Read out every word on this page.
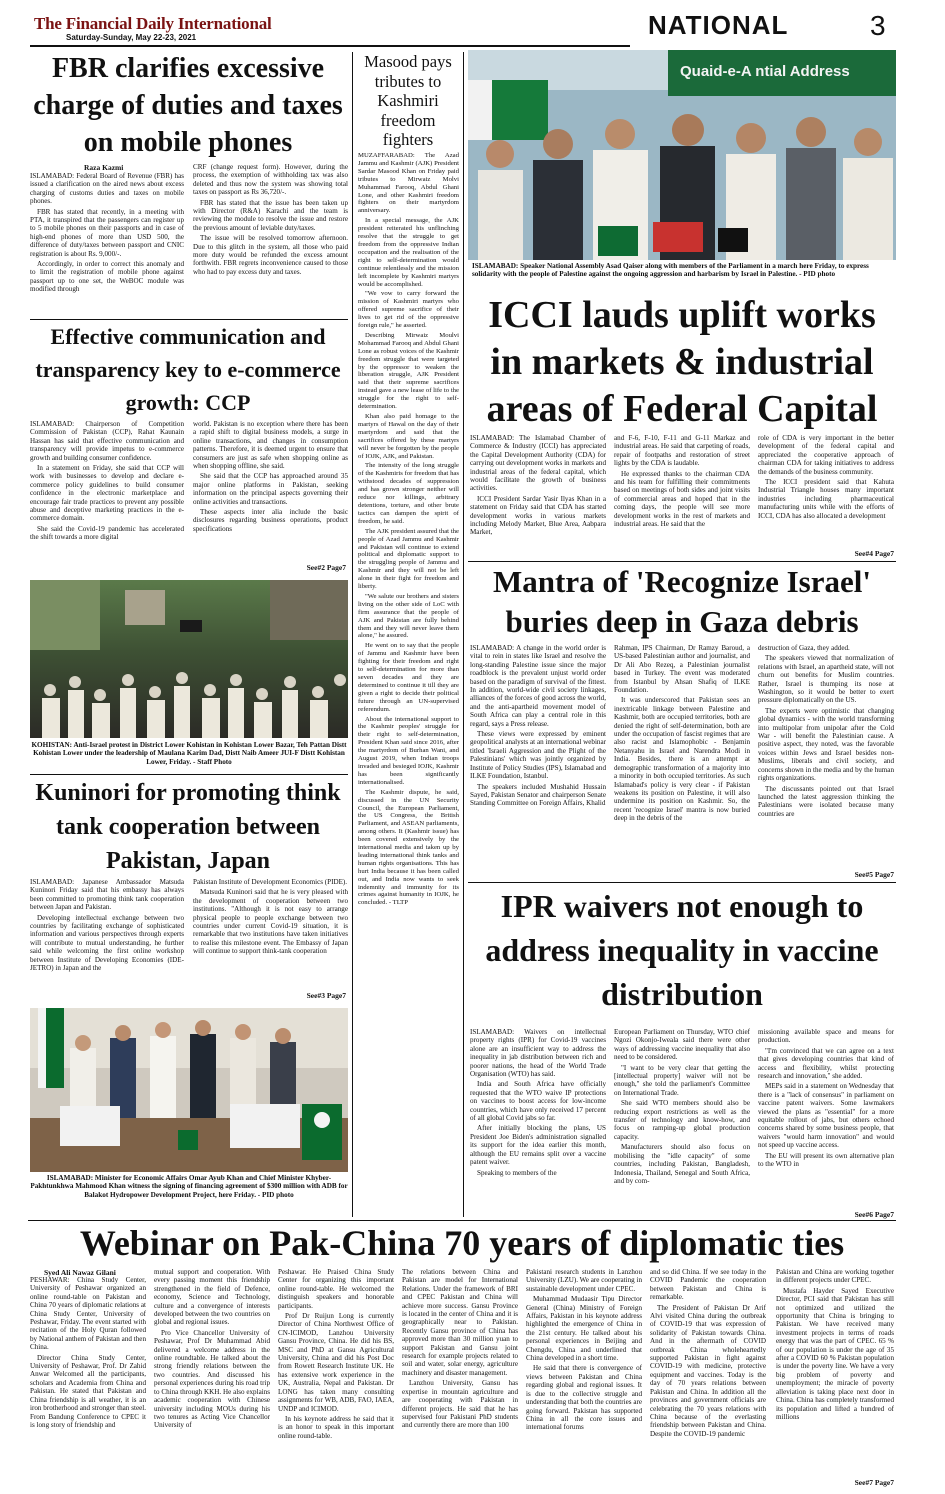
The Financial Daily International
Saturday-Sunday, May 22-23, 2021	NATIONAL	3
FBR clarifies excessive charge of duties and taxes on mobile phones
Raza Kazmi

ISLAMABAD: Federal Board of Revenue (FBR) has issued a clarification on the aired news about excess charging of customs duties and taxes on mobile phones.

FBR has stated that recently, in a meeting with PTA, it transpired that the passengers can register up to 5 mobile phones on their passports and in case of high-end phones of more than USD 500, the difference of duty/taxes between passport and CNIC registration is about Rs. 9,000/-.

Accordingly, in order to correct this anomaly and to limit the registration of mobile phone against passport up to one set, the WeBOC module was modified through

CRF (change request form). However, during the process, the exemption of withholding tax was also deleted and thus now the system was showing total taxes on passport as Rs 36,720/-.

FBR has stated that the issue has been taken up with Director (R&A) Karachi and the team is reviewing the module to resolve the issue and restore the previous amount of leviable duty/taxes.

The issue will be resolved tomorrow afternoon. Due to this glitch in the system, all those who paid more duty would be refunded the excess amount forthwith. FBR regrets inconvenience caused to those who had to pay excess duty and taxes.

Effective communication and transparency key to e-commerce growth: CCP

ISLAMABAD: Chairperson of Competition Commission of Pakistan (CCP), Rahat Kaunain Hassan has said that effective communication and transparency will provide impetus to e-commerce growth and building consumer confidence.

In a statement on Friday, she said that CCP will work with businesses to develop and declare e-commerce policy guidelines to build consumer confidence in the electronic marketplace and encourage fair trade practices to prevent any possible abuse and deceptive marketing practices in the e-commerce domain.

She said the Covid-19 pandemic has accelerated the shift towards a more digital

world. Pakistan is no exception where there has been a rapid shift to digital business models, a surge in online transactions, and changes in consumption patterns. Therefore, it is deemed urgent to ensure that consumers are just as safe when shopping online as when shopping offline, she said.

She said that the CCP has approached around 35 major online platforms in Pakistan, seeking information on the principal aspects governing their online activities and transactions.

These aspects inter alia include the basic disclosures regarding business operations, product specifications

See#2 Page7
KOHISTAN: Anti-Israel protest in District Lower Kohistan in Kohistan Lower Bazar, Teh Pattan Distt Kohistan Lower under the leadership of Maulana Karim Dad, Distt Naib Ameer JUI-F Distt Kohistan Lower, Friday. - Staff Photo
Kuninori for promoting think tank cooperation between Pakistan, Japan

ISLAMABAD: Japanese Ambassador Matsuda Kuninori Friday said that his embassy has always been committed to promoting think tank cooperation between Japan and Pakistan.

Developing intellectual exchange between two countries by facilitating exchange of sophisticated information and various perspectives through experts will contribute to mutual understanding, he further said while welcoming the first online workshop between Institute of Developing Economies (IDE-JETRO) in Japan and the

Pakistan Institute of Development Economics (PIDE).

Matsuda Kuninori said that he is very pleased with the development of cooperation between two institutions. "Although it is not easy to arrange physical people to people exchange between two countries under current Covid-19 situation, it is remarkable that two institutions have taken initiatives to realise this milestone event. The Embassy of Japan will continue to support think-tank cooperation

See#3 Page7
ISLAMABAD: Minister for Economic Affairs Omar Ayub Khan and Chief Minister Khyber-Pakhtunkhwa Mahmood Khan witness the signing of financing agreement of $300 million with ADB for Balakot Hydropower Development Project, here Friday. - PID photo
Masood pays tributes to Kashmiri freedom fighters

MUZAFFARABAD: The Azad Jammu and Kashmir (AJK) President Sardar Masood Khan on Friday paid tributes to Mirwaiz Molvi Muhammad Farooq, Abdul Ghani Lone, and other Kashmiri freedom fighters on their martyrdom anniversary.

In a special message, the AJK president reiterated his unflinching resolve that the struggle to get freedom from the oppressive Indian occupation and the realisation of the right to self-determination would continue relentlessly and the mission left incomplete by Kashmiri martyrs would be accomplished.

"We vow to carry forward the mission of Kashmiri martyrs who offered supreme sacrifice of their lives to get rid of the oppressive foreign rule," he asserted.

Describing Mirwaiz Moulvi Mohammad Farooq and Abdul Ghani Lone as robust voices of the Kashmir freedom struggle that were targeted by the oppressor to weaken the liberation struggle, AJK President said that their supreme sacrifices instead gave a new lease of life to the struggle for the right to self-determination.

Khan also paid homage to the martyrs of Hawal on the day of their martyrdom and said that the sacrifices offered by these martyrs will never be forgotten by the people of IOJK, AJK, and Pakistan.

The intensity of the long struggle of the Kashmiris for freedom that has withstood decades of suppression and has grown stronger neither will reduce nor killings, arbitrary detentions, torture, and other brute tactics can dampen the spirit of freedom, he said.

The AJK president assured that the people of Azad Jammu and Kashmir and Pakistan will continue to extend political and diplomatic support to the struggling people of Jammu and Kashmir and they will not be left alone in their fight for freedom and liberty.

"We salute our brothers and sisters living on the other side of LoC with firm assurance that the people of AJK and Pakistan are fully behind them and they will never leave them alone," he assured.

He went on to say that the people of Jammu and Kashmir have been fighting for their freedom and right to self-determination for more than seven decades and they are determined to continue it till they are given a right to decide their political future through an UN-supervised referendum.

About the international support to the Kashmir peoples' struggle for their right to self-determination, President Khan said since 2016, after the martyrdom of Burhan Wani, and August 2019, when Indian troops invaded and besieged IOJK, Kashmir has been significantly internationalised.

The Kashmir dispute, he said, discussed in the UN Security Council, the European Parliament, the US Congress, the British Parliament, and ASEAN parliaments, among others. It (Kashmir issue) has been covered extensively by the international media and taken up by leading international think tanks and human rights organisations. This has hurt India because it has been called out, and India now wants to seek indemnity and immunity for its crimes against humanity in IOJK, he concluded. - TLTP

Quaid-e-A ntial Address
ISLAMABAD: Speaker National Assembly Asad Qaiser along with members of the Parliament in a march here Friday, to express solidarity with the people of Palestine against the ongoing aggression and harbarism by Israel in Palestine. - PID photo
ICCI lauds uplift works in markets & industrial areas of Federal Capital

ISLAMABAD: The Islamabad Chamber of Commerce & Industry (ICCI) has appreciated the Capital Development Authority (CDA) for carrying out development works in markets and industrial areas of the federal capital, which would facilitate the growth of business activities.

ICCI President Sardar Yasir Ilyas Khan in a statement on Friday said that CDA has started development works in various markets including Melody Market, Blue Area, Aabpara Market,

and F-6, F-10, F-11 and G-11 Markaz and industrial areas. He said that carpeting of roads, repair of footpaths and restoration of street lights by the CDA is laudable.

He expressed thanks to the chairman CDA and his team for fulfilling their commitments based on meetings of both sides and joint visits of commercial areas and hoped that in the coming days, the people will see more development works in the rest of markets and industrial areas. He said that the

role of CDA is very important in the better development of the federal capital and appreciated the cooperative approach of chairman CDA for taking initiatives to address the demands of the business community.

The ICCI president said that Kahuta Industrial Triangle houses many important industries including pharmaceutical manufacturing units while with the efforts of ICCI, CDA has also allocated a development

See#4 Page7
Mantra of 'Recognize Israel' buries deep in Gaza debris

ISLAMABAD: A change in the world order is vital to rein in states like Israel and resolve the long-standing Palestine issue since the major roadblock is the prevalent unjust world order based on the paradigm of survival of the fittest. In addition, world-wide civil society linkages, alliances of the forces of good across the world, and the anti-apartheid movement model of South Africa can play a central role in this regard, says a Press release.

These views were expressed by eminent geopolitical analysts at an international webinar titled 'Israeli Aggression and the Plight of the Palestinians' which was jointly organized by Institute of Policy Studies (IPS), Islamabad and ILKE Foundation, Istanbul.

The speakers included Mushahid Hussain Sayed, Pakistan Senator and chairperson Senate Standing Committee on Foreign Affairs, Khalid

Rahman, IPS Chairman, Dr Ramzy Baroud, a US-based Palestinian author and journalist, and Dr Ali Abo Rezeq, a Palestinian journalist based in Turkey. The event was moderated from Istanbul by Ahsan Shafiq of ILKE Foundation.

It was underscored that Pakistan sees an inextricable linkage between Palestine and Kashmir, both are occupied territories, both are denied the right of self-determination, both are under the occupation of fascist regimes that are also racist and Islamophobic - Benjamin Netanyahu in Israel and Narendra Modi in India. Besides, there is an attempt at demographic transformation of a majority into a minority in both occupied territories. As such Islamabad's policy is very clear - if Pakistan weakens its position on Palestine, it will also undermine its position on Kashmir. So, the recent 'recognize Israel' mantra is now buried deep in the debris of the

destruction of Gaza, they added.

The speakers viewed that normalization of relations with Israel, an apartheid state, will not churn out benefits for Muslim countries. Rather, Israel is thumping its nose at Washington, so it would be better to exert pressure diplomatically on the US.

The experts were optimistic that changing global dynamics - with the world transforming into multipolar from unipolar after the Cold War - will benefit the Palestinian cause. A positive aspect, they noted, was the favorable voices within Jews and Israel besides non-Muslims, liberals and civil society, and concerns shown in the media and by the human rights organizations.

The discussants pointed out that Israel launched the latest aggression thinking the Palestinians were isolated because many countries are

See#5 Page7
IPR waivers not enough to address inequality in vaccine distribution

ISLAMABAD: Waivers on intellectual property rights (IPR) for Covid-19 vaccines alone are an insufficient way to address the inequality in jab distribution between rich and poorer nations, the head of the World Trade Organisation (WTO) has said.

India and South Africa have officially requested that the WTO waive IP protections on vaccines to boost access for low-income countries, which have only received 17 percent of all global Covid jabs so far.

After initially blocking the plans, US President Joe Biden's administration signalled its support for the idea earlier this month, although the EU remains split over a vaccine patent waiver.

Speaking to members of the

European Parliament on Thursday, WTO chief Ngozi Okonjo-Iweala said there were other ways of addressing vaccine inequality that also need to be considered.

"I want to be very clear that getting the [intellectual property] waiver will not be enough," she told the parliament's Committee on International Trade.

She said WTO members should also be reducing export restrictions as well as the transfer of technology and know-how, and focus on ramping-up global production capacity.

Manufacturers should also focus on mobilising the "idle capacity" of some countries, including Pakistan, Bangladesh, Indonesia, Thailand, Senegal and South Africa, and by com-

missioning available space and means for production.

"I'm convinced that we can agree on a text that gives developing countries that kind of access and flexibility, whilst protecting research and innovation," she added.

MEPs said in a statement on Wednesday that there is a "lack of consensus" in parliament on vaccine patent waivers. Some lawmakers viewed the plans as "essential" for a more equitable rollout of jabs, but others echoed concerns shared by some business people, that waivers "would harm innovation" and would not speed up vaccine access.

The EU will present its own alternative plan to the WTO in

See#6 Page7
Webinar on Pak-China 70 years of diplomatic ties
Syed Ali Nawaz Gilani

PESHAWAR: China Study Center, University of Peshawar organized an online round-table on Pakistan and China 70 years of diplomatic relations at China Study Center, University of Peshawar, Friday. The event started with recitation of the Holy Quran followed by National anthem of Pakistan and then China.

Director China Study Center, University of Peshawar, Prof. Dr Zahid Anwar Welcomed all the participants, scholars and Academia from China and Pakistan. He stated that Pakistan and China friendship is all weather, it is an iron brotherhood and stronger than steel. From Bandung Conference to CPEC it is long story of friendship and

mutual support and cooperation. With every passing moment this friendship strengthened in the field of Defence, economy, Science and Technology, culture and a convergence of interests developed between the two countries on global and regional issues.

Pro Vice Chancellor University of Peshawar, Prof Dr Muhammad Abid delivered a welcome address in the online roundtable. He talked about the strong friendly relations between the two countries. And discussed his personal experiences during his road trip to China through KKH. He also explains academic cooperation with Chinese university including MOUs during his two tenures as Acting Vice Chancellor University of

Peshawar. He Praised China Study Center for organizing this important online round-table. He welcomed the distinguish speakers and honorable participants.

Prof Dr Ruijun Long is currently Director of China Northwest Office of CN-ICIMOD, Lanzhou University Gansu Province, China. He did his BS, MSC and PhD at Gansu Agricultural University, China and did his Post Doc from Rowett Research Institute UK. He has extensive work experience in the UK, Australia, Nepal and Pakistan. Dr LONG has taken many consulting assignments for WB, ADB, FAO, IAEA, UNDP and ICIMOD.

In his keynote address he said that it is an honor to speak in this important online round-table.

The relations between China and Pakistan are model for International Relations. Under the framework of BRI and CPEC Pakistan and China will achieve more success. Gansu Province is located in the center of China and it is geographically near to Pakistan. Recently Gansu province of China has approved more than 30 million yuan to support Pakistan and Gansu joint research for example projects related to soil and water, solar energy, agriculture machinery and disaster management.

Lanzhou University, Gansu has expertise in mountain agriculture and are cooperating with Pakistan in different projects. He said that he has supervised four Pakistani PhD students and currently there are more than 100

Pakistani research students in Lanzhou University (LZU). We are cooperating in sustainable development under CPEC.

Muhammad Mudaasir Tipu Director General (China) Ministry of Foreign Affairs, Pakistan in his keynote address highlighted the emergence of China in the 21st century. He talked about his personal experiences in Beijing and Chengdu, China and underlined that China developed in a short time.

He said that there is convergence of views between Pakistan and China regarding global and regional issues. It is due to the collective struggle and understanding that both the countries are going forward. Pakistan has supported China in all the core issues and international forums

and so did China. If we see today in the COVID Pandemic the cooperation between Pakistan and China is remarkable.

The President of Pakistan Dr Arif Alvi visited China during the outbreak of COVID-19 that was expression of solidarity of Pakistan towards China. And in the aftermath of COVID outbreak China wholeheartedly supported Pakistan in fight against COVID-19 with medicine, protective equipment and vaccines. Today is the day of 70 years relations between Pakistan and China. In addition all the provinces and government officials are celebrating the 70 years relations with China because of the everlasting friendship between Pakistan and China. Despite the COVID-19 pandemic

Pakistan and China are working together in different projects under CPEC.

Mustafa Hayder Sayed Executive Director, PCI said that Pakistan has still not optimized and utilized the opportunity that China is bringing to Pakistan. We have received many investment projects in terms of roads energy that was the part of CPEC. 65 % of our population is under the age of 35 after a COVID 60 % Pakistan population is under the poverty line. We have a very big problem of poverty and unemployment; the miracle of poverty alleviation is taking place next door in China. China has completely transformed its population and lifted a hundred of millions

See#7 Page7
